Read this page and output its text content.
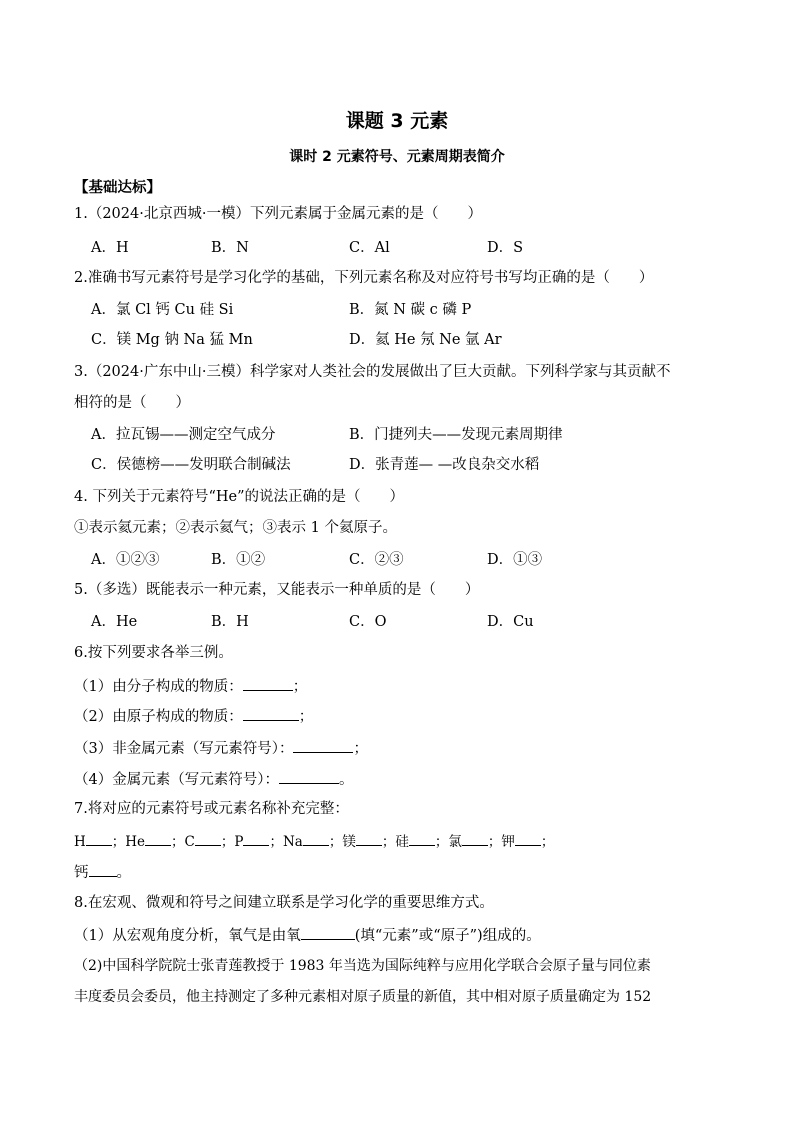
课题 3 元素
课时 2 元素符号、元素周期表简介
【基础达标】
1.（2024·北京西城·一模）下列元素属于金属元素的是（　　）
A．H	B．N	C．Al	D．S
2.准确书写元素符号是学习化学的基础，下列元素名称及对应符号书写均正确的是（　　）
A．氯 Cl 钙 Cu 硅 Si	B．氮 N 碳 c 磷 P
C．镁 Mg 钠 Na 猛 Mn	D．氦 He 氖 Ne 氩 Ar
3.（2024·广东中山·三模）科学家对人类社会的发展做出了巨大贡献。下列科学家与其贡献不
相符的是（　　）
A．拉瓦锡——测定空气成分	B．门捷列夫——发现元素周期律
C．侯德榜——发明联合制碱法	D．张青莲— —改良杂交水稻
4. 下列关于元素符号“He”的说法正确的是（　　）
①表示氦元素；②表示氦气；③表示 1 个氦原子。
A．①②③	B．①②	C．②③	D．①③
5.（多选）既能表示一种元素，又能表示一种单质的是（　　）
A．He	B．H	C．O	D．Cu
6.按下列要求各举三例。
（1）由分子构成的物质：	；
（2）由原子构成的物质：	；
（3）非金属元素（写元素符号）：	；
（4）金属元素（写元素符号）：	。
7.将对应的元素符号或元素名称补充完整：
H ；He ；C ；P ；Na ；镁 ；硅 ；氯 ；钾 ；
钙 。
8.在宏观、微观和符号之间建立联系是学习化学的重要思维方式。
（1）从宏观角度分析，氧气是由氧	(填“元素”或“原子”)组成的。
（2)中国科学院院士张青莲教授于 1983 年当选为国际纯粹与应用化学联合会原子量与同位素
丰度委员会委员，他主持测定了多种元素相对原子质量的新值，其中相对原子质量确定为 152
